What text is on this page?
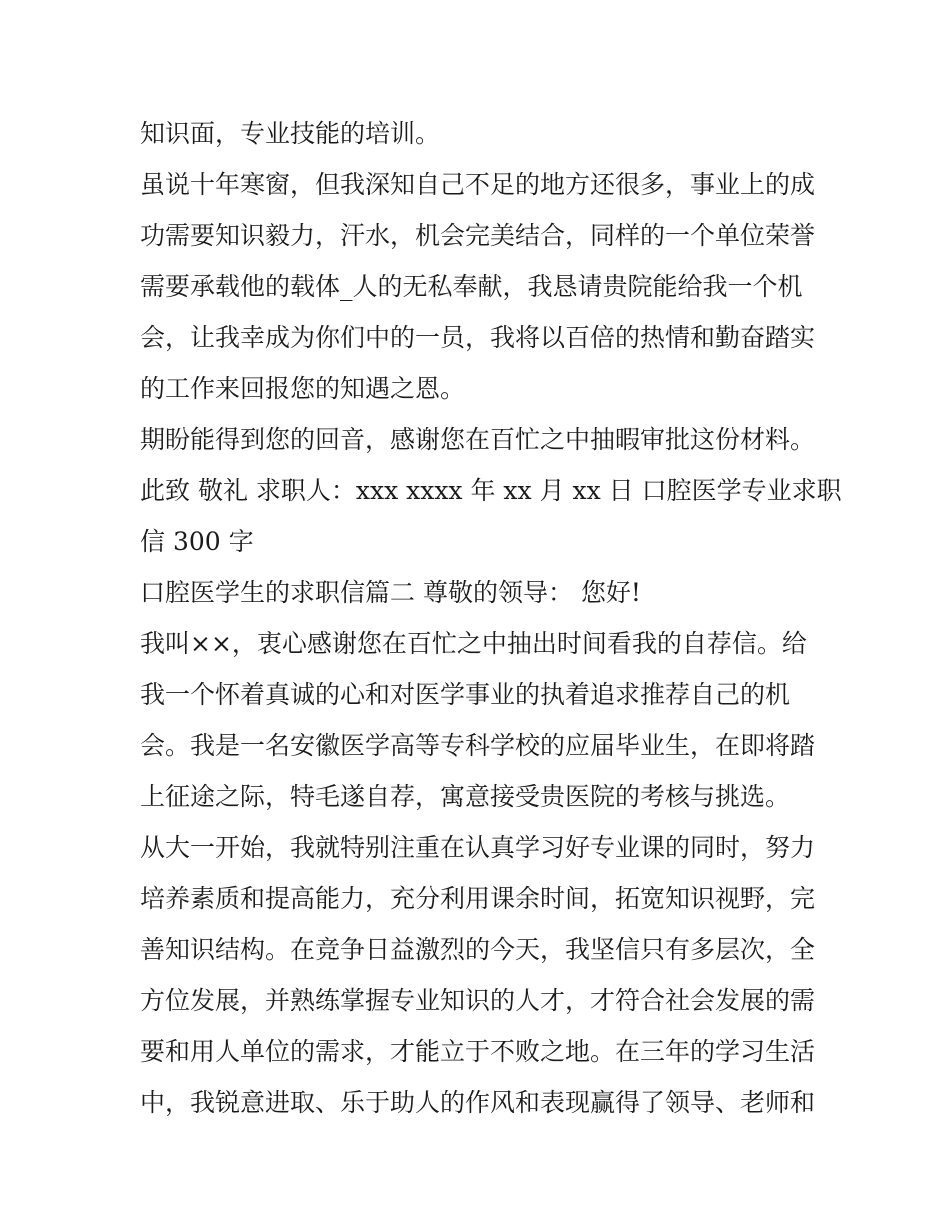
知识面，专业技能的培训。
虽说十年寒窗，但我深知自己不足的地方还很多，事业上的成
功需要知识毅力，汗水，机会完美结合，同样的一个单位荣誉
需要承载他的载体_人的无私奉献，我恳请贵院能给我一个机
会，让我幸成为你们中的一员，我将以百倍的热情和勤奋踏实
的工作来回报您的知遇之恩。
期盼能得到您的回音，感谢您在百忙之中抽暇审批这份材料。
此致 敬礼 求职人：xxx xxxx 年 xx 月 xx 日 口腔医学专业求职
信 300 字
口腔医学生的求职信篇二 尊敬的领导： 您好!
我叫××，衷心感谢您在百忙之中抽出时间看我的自荐信。给
我一个怀着真诚的心和对医学事业的执着追求推荐自己的机
会。我是一名安徽医学高等专科学校的应届毕业生，在即将踏
上征途之际，特毛遂自荐，寓意接受贵医院的考核与挑选。
从大一开始，我就特别注重在认真学习好专业课的同时，努力
培养素质和提高能力，充分利用课余时间，拓宽知识视野，完
善知识结构。在竞争日益激烈的今天，我坚信只有多层次，全
方位发展，并熟练掌握专业知识的人才，才符合社会发展的需
要和用人单位的需求，才能立于不败之地。在三年的学习生活
中，我锐意进取、乐于助人的作风和表现赢得了领导、老师和
